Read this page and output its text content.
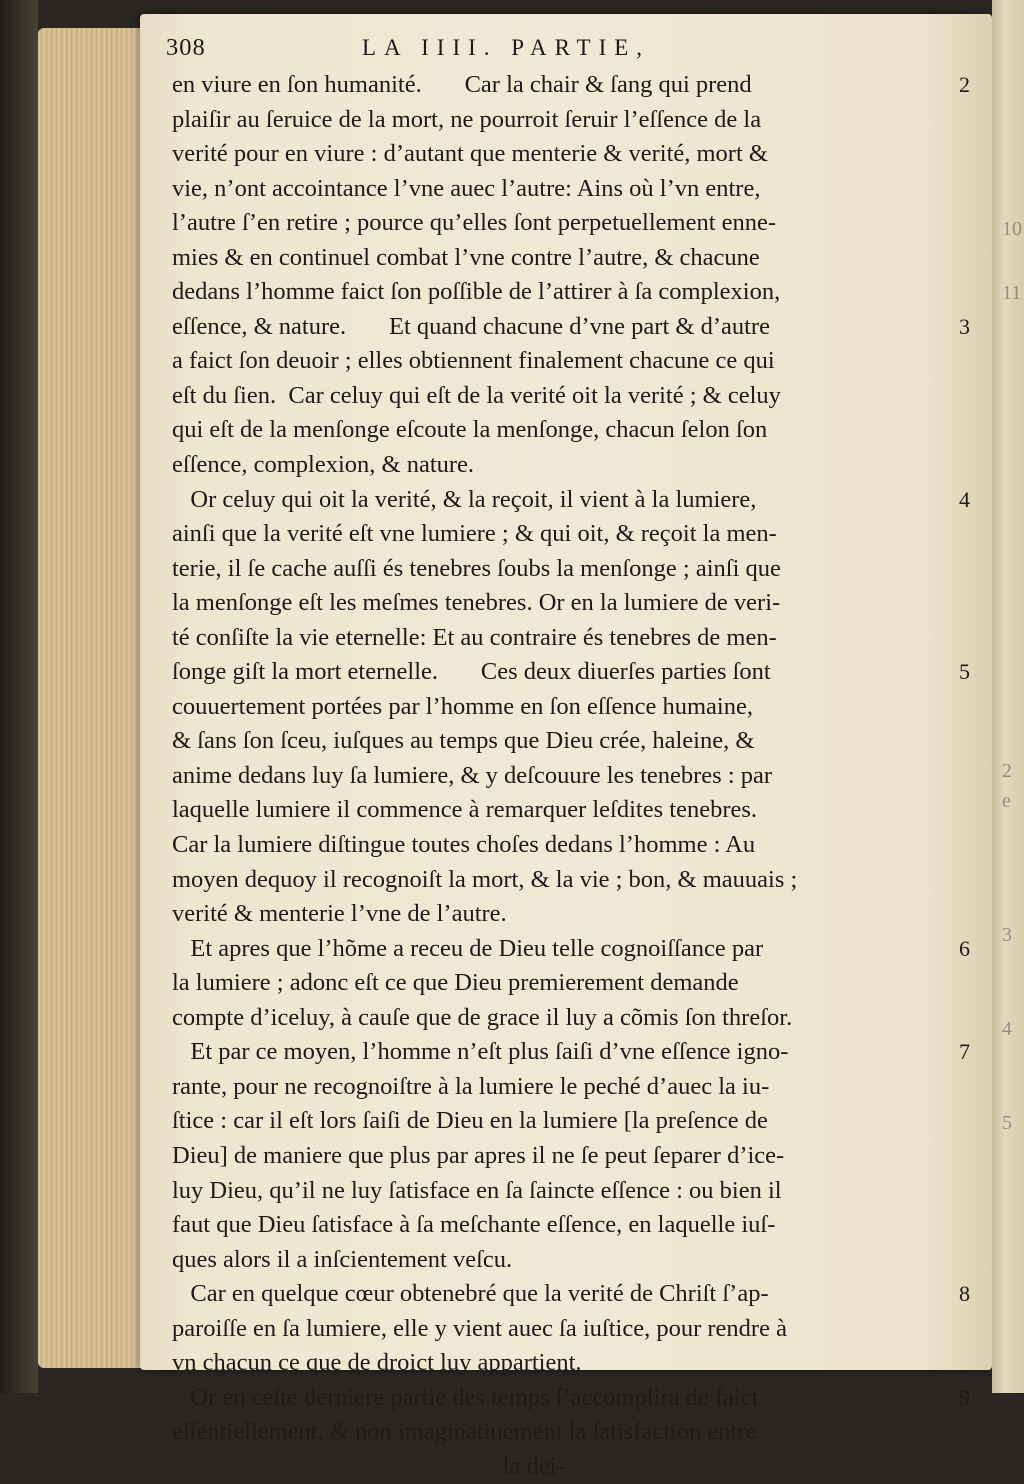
10
11
2
e
3
4
5
308	LA IIII. PARTIE,
en viure en ſon humanité.       Car la chair & ſang qui prend	2
plaiſir au ſeruice de la mort, ne pourroit ſeruir l’eſſence de la
verité pour en viure : d’autant que menterie & verité, mort &
vie, n’ont accointance l’vne auec l’autre: Ains où l’vn entre,
l’autre ſ’en retire ; pource qu’elles ſont perpetuellement enne-
mies & en continuel combat l’vne contre l’autre, & chacune
dedans l’homme faict ſon poſſible de l’attirer à ſa complexion,
eſſence, & nature.       Et quand chacune d’vne part & d’autre	3
a faict ſon deuoir ; elles obtiennent finalement chacune ce qui
eſt du ſien.  Car celuy qui eſt de la verité oit la verité ; & celuy
qui eſt de la menſonge eſcoute la menſonge, chacun ſelon ſon
eſſence, complexion, & nature.
Or celuy qui oit la verité, & la reçoit, il vient à la lumiere,	4
ainſi que la verité eſt vne lumiere ; & qui oit, & reçoit la men-
terie, il ſe cache auſſi és tenebres ſoubs la menſonge ; ainſi que
la menſonge eſt les meſmes tenebres. Or en la lumiere de veri-
té conſiſte la vie eternelle: Et au contraire és tenebres de men-
ſonge giſt la mort eternelle.       Ces deux diuerſes parties ſont	5
couuertement portées par l’homme en ſon eſſence humaine,
& ſans ſon ſceu, iuſques au temps que Dieu crée, haleine, &
anime dedans luy ſa lumiere, & y deſcouure les tenebres : par
laquelle lumiere il commence à remarquer leſdites tenebres.
Car la lumiere diſtingue toutes choſes dedans l’homme : Au
moyen dequoy il recognoiſt la mort, & la vie ; bon, & mauuais ;
verité & menterie l’vne de l’autre.
Et apres que l’hõme a receu de Dieu telle cognoiſſance par	6
la lumiere ; adonc eſt ce que Dieu premierement demande
compte d’iceluy, à cauſe que de grace il luy a cõmis ſon threſor.
Et par ce moyen, l’homme n’eſt plus ſaiſi d’vne eſſence igno-	7
rante, pour ne recognoiſtre à la lumiere le peché d’auec la iu-
ſtice : car il eſt lors ſaiſi de Dieu en la lumiere [la preſence de
Dieu] de maniere que plus par apres il ne ſe peut ſeparer d’ice-
luy Dieu, qu’il ne luy ſatisface en ſa ſaincte eſſence : ou bien il
faut que Dieu ſatisface à ſa meſchante eſſence, en laquelle iuſ-
ques alors il a inſcientement veſcu.
Car en quelque cœur obtenebré que la verité de Chriſt ſ’ap-	8
paroiſſe en ſa lumiere, elle y vient auec ſa iuſtice, pour rendre à
vn chacun ce que de droict luy appartient.
Or en ceſte derniere partie des temps ſ’accomplira de faict	9
eſſentiellement, & non imaginatiuement la ſatisfaction entre
la dei-
